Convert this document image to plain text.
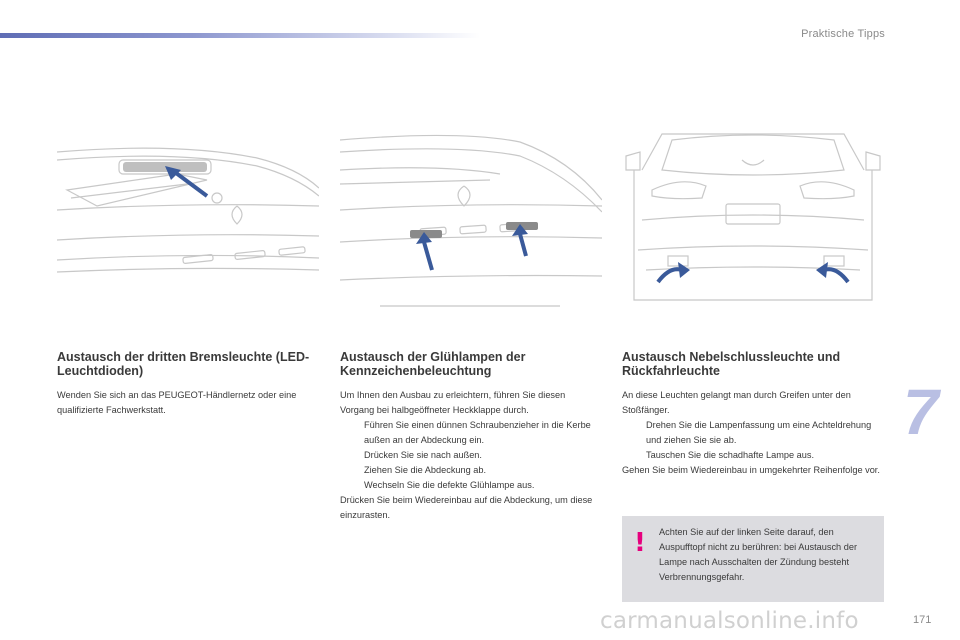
Praktische Tipps
7
171
Austausch der dritten Bremsleuchte (LED-Leuchtdioden)

Wenden Sie sich an das PEUGEOT-Händlernetz oder eine qualifizierte Fachwerkstatt.

Austausch der Glühlampen der Kennzeichenbeleuchtung

Um Ihnen den Ausbau zu erleichtern, führen Sie diesen Vorgang bei halbgeöffneter Heckklappe durch.

Führen Sie einen dünnen Schraubenzieher in die Kerbe außen an der Abdeckung ein.
Drücken Sie sie nach außen.
Ziehen Sie die Abdeckung ab.
Wechseln Sie die defekte Glühlampe aus.

Drücken Sie beim Wiedereinbau auf die Abdeckung, um diese einzurasten.

Austausch Nebelschlussleuchte und Rückfahrleuchte

An diese Leuchten gelangt man durch Greifen unter den Stoßfänger.

Drehen Sie die Lampenfassung um eine Achteldrehung und ziehen Sie sie ab.
Tauschen Sie die schadhafte Lampe aus.

Gehen Sie beim Wiedereinbau in umgekehrter Reihenfolge vor.

! Achten Sie auf der linken Seite darauf, den Auspufftopf nicht zu berühren: bei Austausch der Lampe nach Ausschalten der Zündung besteht Verbrennungsgefahr.
carmanualsonline.info
